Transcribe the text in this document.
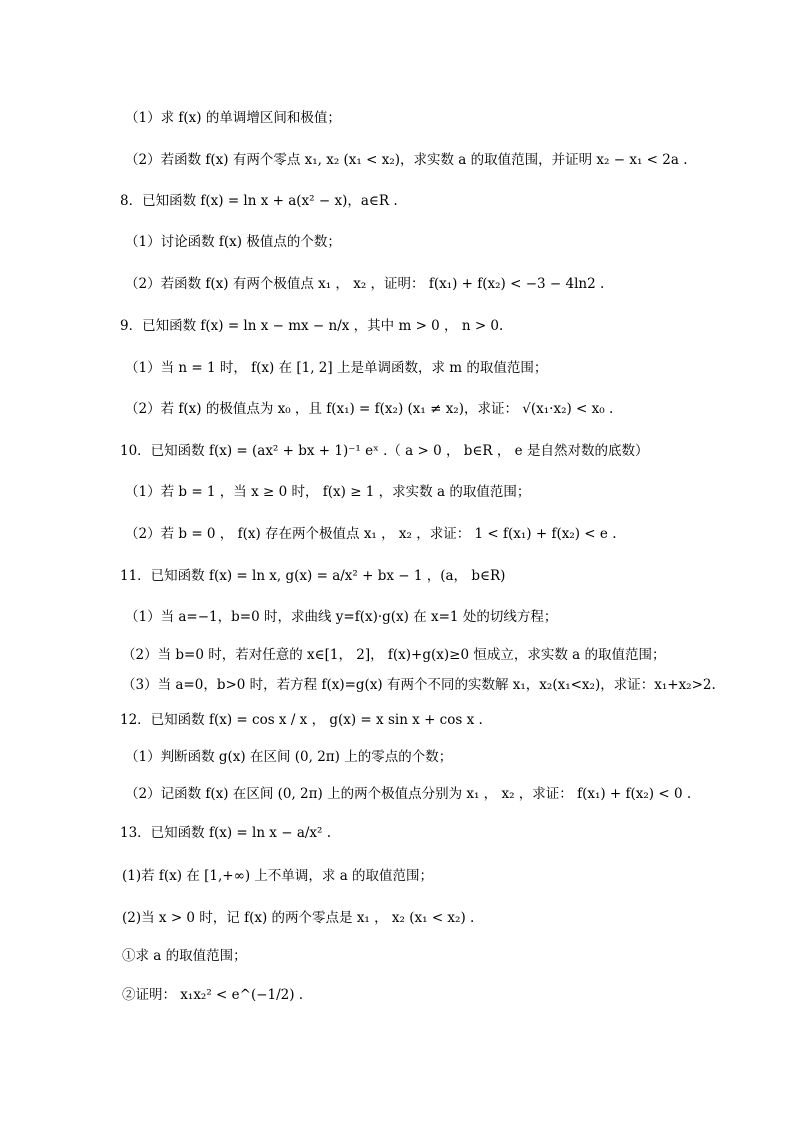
（1）求 f(x) 的单调增区间和极值；
（2）若函数 f(x) 有两个零点 x₁, x₂ (x₁ < x₂)，求实数 a 的取值范围，并证明 x₂ − x₁ < 2a .
8．已知函数 f(x) = ln x + a(x² − x)，a∈R .
（1）讨论函数 f(x) 极值点的个数；
（2）若函数 f(x) 有两个极值点 x₁ ， x₂ ，证明： f(x₁) + f(x₂) < −3 − 4ln2 .
9．已知函数 f(x) = ln x − mx − n/x ，其中 m > 0 ， n > 0.
（1）当 n = 1 时， f(x) 在 [1, 2] 上是单调函数，求 m 的取值范围；
（2）若 f(x) 的极值点为 x₀ ，且 f(x₁) = f(x₂) (x₁ ≠ x₂)，求证： √(x₁·x₂) < x₀ .
10．已知函数 f(x) = (ax² + bx + 1)⁻¹ eˣ .（ a > 0 ， b∈R ， e 是自然对数的底数）
（1）若 b = 1 ，当 x ≥ 0 时， f(x) ≥ 1 ，求实数 a 的取值范围；
（2）若 b = 0 ， f(x) 存在两个极值点 x₁ ， x₂ ，求证： 1 < f(x₁) + f(x₂) < e .
11．已知函数 f(x) = ln x, g(x) = a/x² + bx − 1 ，(a， b∈R)
（1）当 a=−1，b=0 时，求曲线 y=f(x)·g(x) 在 x=1 处的切线方程；
（2）当 b=0 时，若对任意的 x∈[1， 2]， f(x)+g(x)≥0 恒成立，求实数 a 的取值范围；
（3）当 a=0，b>0 时，若方程 f(x)=g(x) 有两个不同的实数解 x₁，x₂(x₁<x₂)，求证：x₁+x₂>2.
12．已知函数 f(x) = cos x / x ， g(x) = x sin x + cos x .
（1）判断函数 g(x) 在区间 (0, 2π) 上的零点的个数；
（2）记函数 f(x) 在区间 (0, 2π) 上的两个极值点分别为 x₁ ， x₂ ，求证： f(x₁) + f(x₂) < 0 .
13．已知函数 f(x) = ln x − a/x² .
(1)若 f(x) 在 [1,+∞) 上不单调，求 a 的取值范围；
(2)当 x > 0 时，记 f(x) 的两个零点是 x₁ ， x₂ (x₁ < x₂) .
①求 a 的取值范围；
②证明： x₁x₂² < e^(−1/2) .
